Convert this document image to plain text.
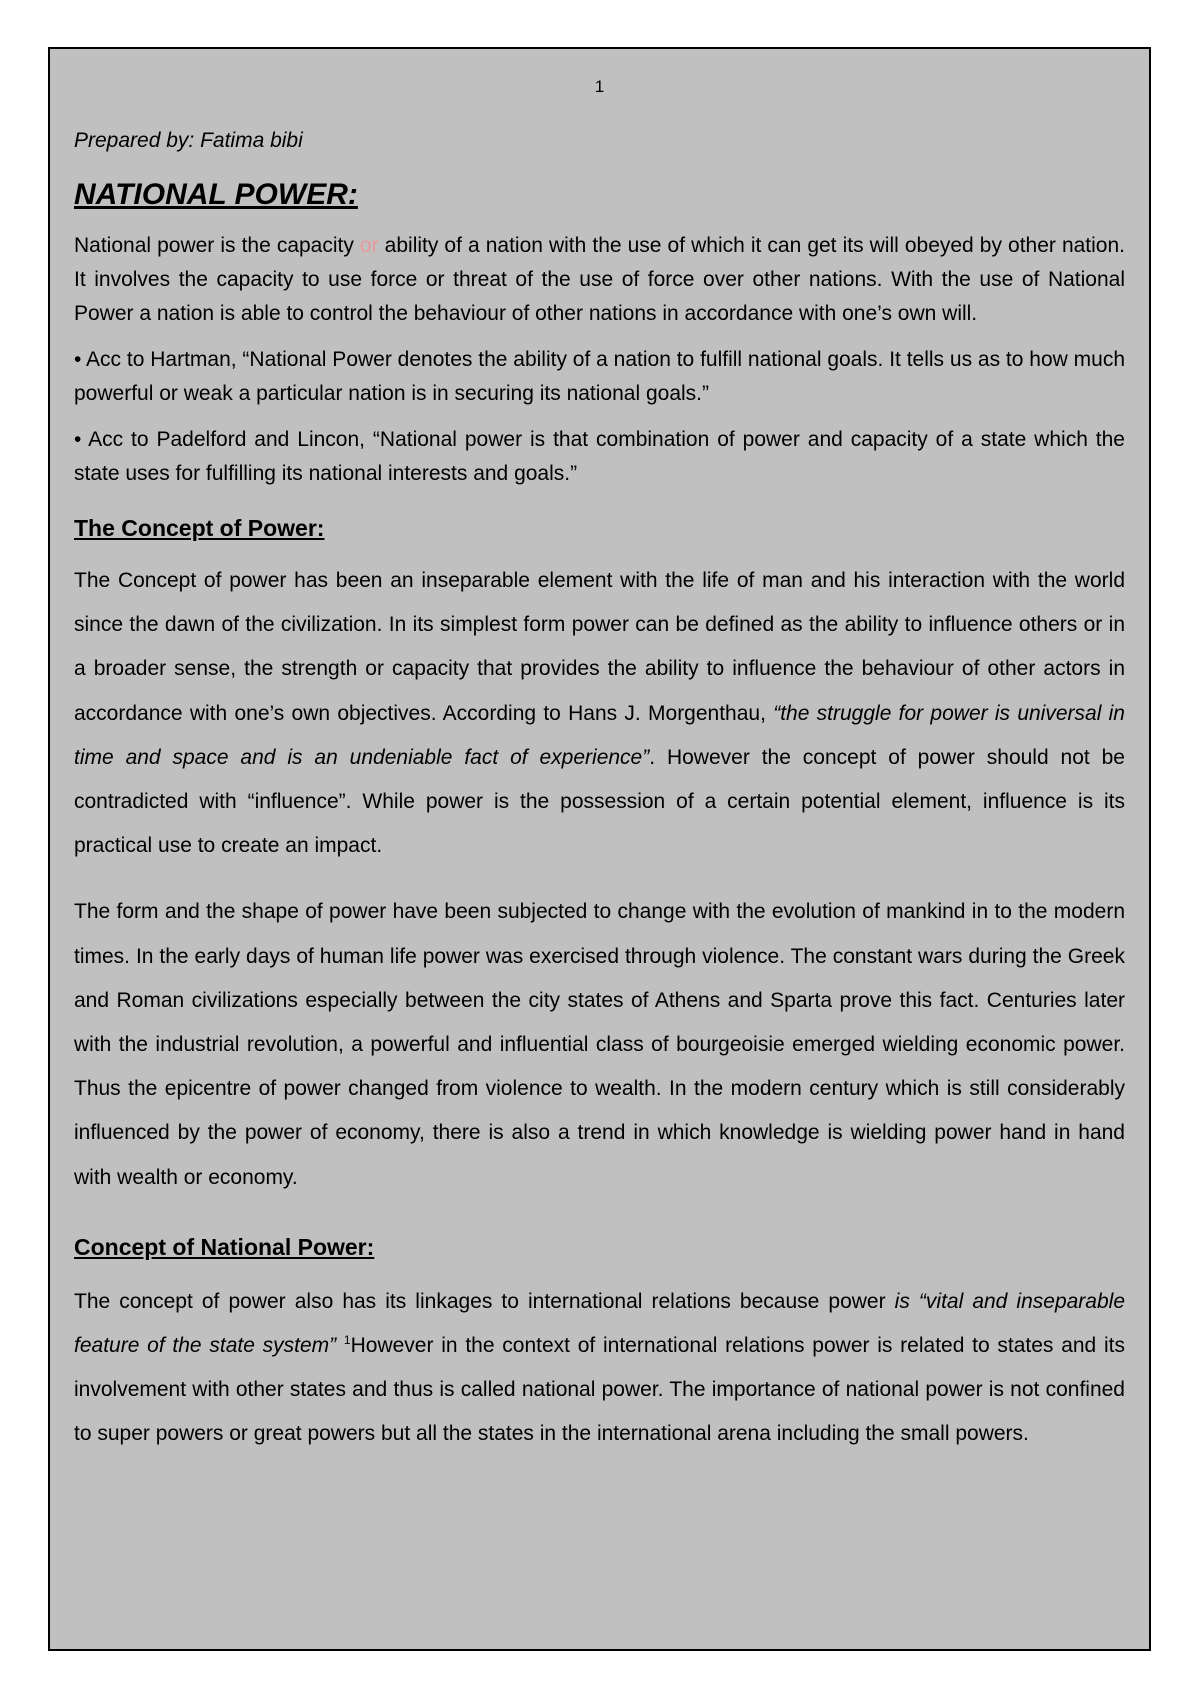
1

Prepared by: Fatima bibi

NATIONAL POWER:

National power is the capacity or ability of a nation with the use of which it can get its will obeyed by other nation. It involves the capacity to use force or threat of the use of force over other nations. With the use of National Power a nation is able to control the behaviour of other nations in accordance with one’s own will.

• Acc to Hartman, “National Power denotes the ability of a nation to fulfill national goals. It tells us as to how much powerful or weak a particular nation is in securing its national goals.”

• Acc to Padelford and Lincon, “National power is that combination of power and capacity of a state which the state uses for fulfilling its national interests and goals.”

The Concept of Power:

The Concept of power has been an inseparable element with the life of man and his interaction with the world since the dawn of the civilization. In its simplest form power can be defined as the ability to influence others or in a broader sense, the strength or capacity that provides the ability to influence the behaviour of other actors in accordance with one’s own objectives. According to Hans J. Morgenthau, “the struggle for power is universal in time and space and is an undeniable fact of experience”. However the concept of power should not be contradicted with “influence”. While power is the possession of a certain potential element, influence is its practical use to create an impact.

The form and the shape of power have been subjected to change with the evolution of mankind in to the modern times. In the early days of human life power was exercised through violence. The constant wars during the Greek and Roman civilizations especially between the city states of Athens and Sparta prove this fact. Centuries later with the industrial revolution, a powerful and influential class of bourgeoisie emerged wielding economic power. Thus the epicentre of power changed from violence to wealth. In the modern century which is still considerably influenced by the power of economy, there is also a trend in which knowledge is wielding power hand in hand with wealth or economy.

Concept of National Power:

The concept of power also has its linkages to international relations because power is “vital and inseparable feature of the state system” $^1$However in the context of international relations power is related to states and its involvement with other states and thus is called national power. The importance of national power is not confined to super powers or great powers but all the states in the international arena including the small powers.
